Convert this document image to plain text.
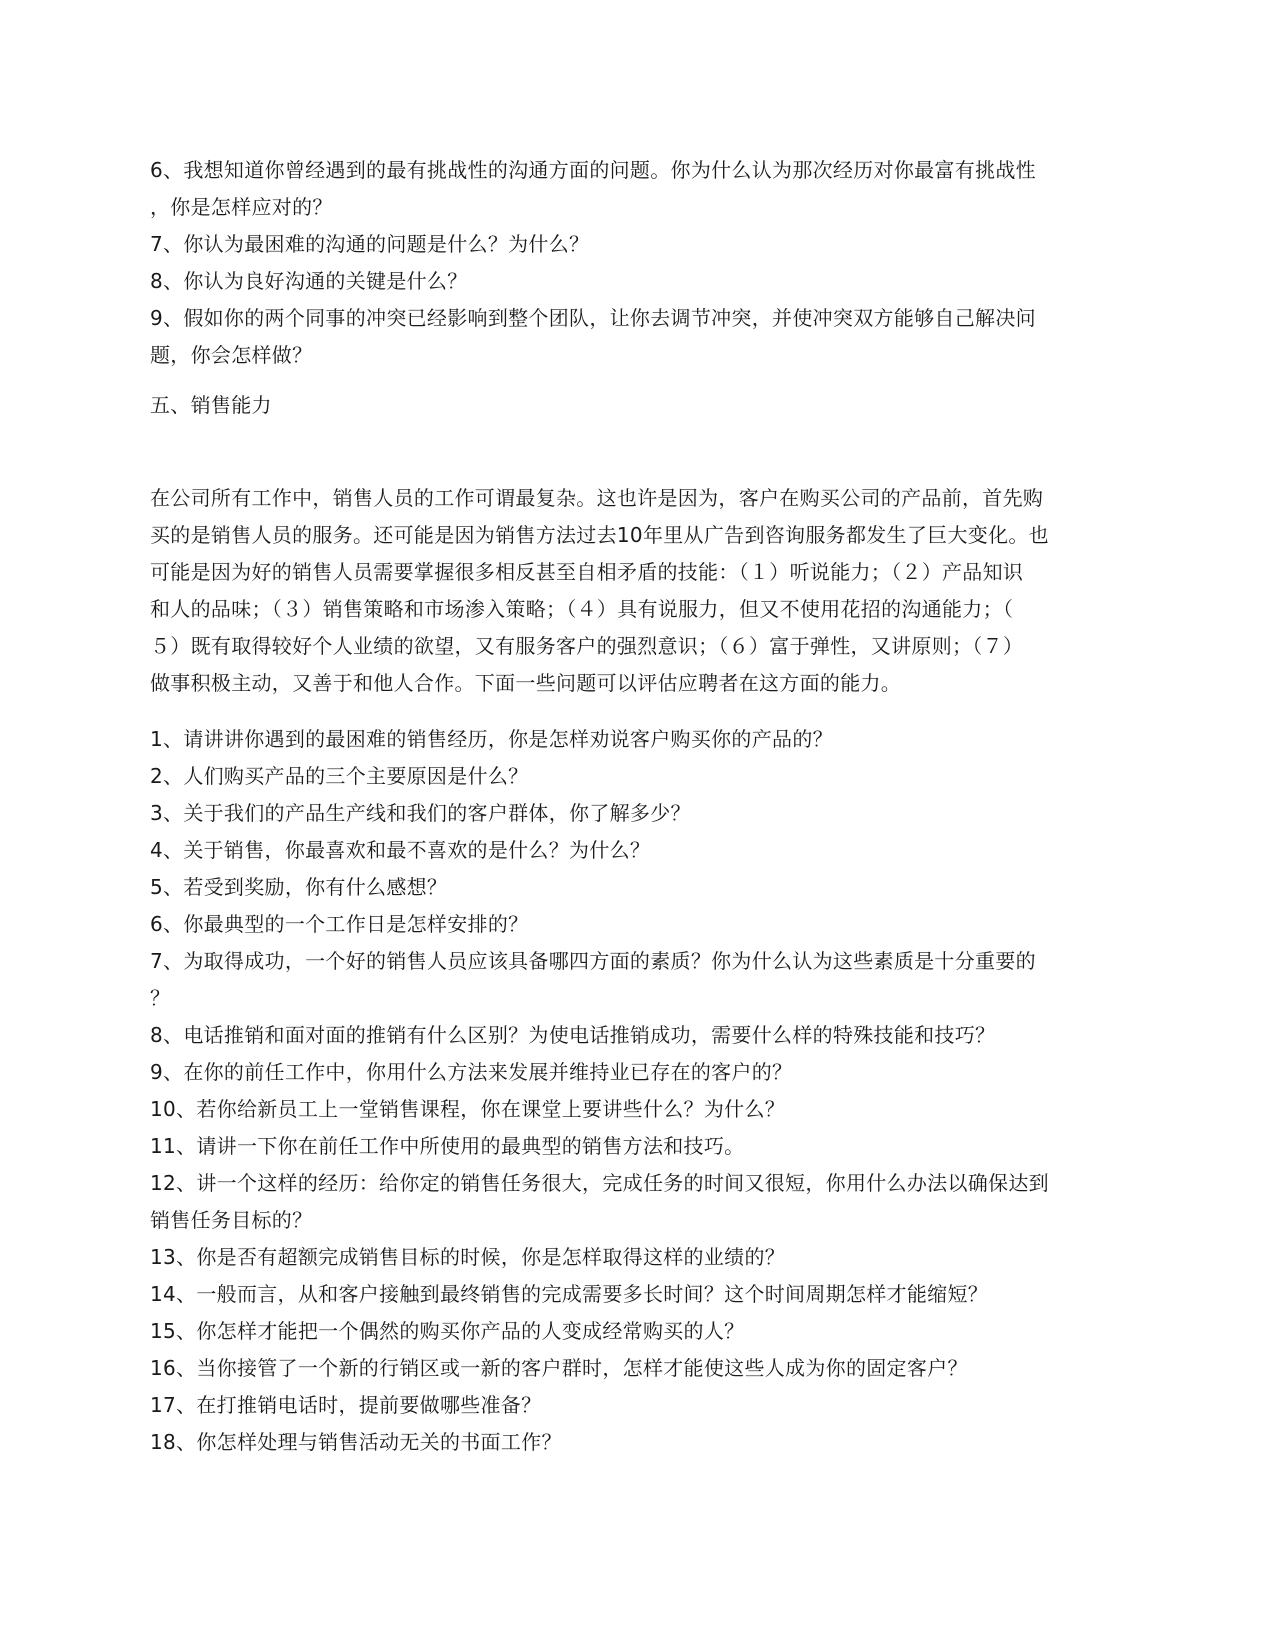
6、我想知道你曾经遇到的最有挑战性的沟通方面的问题。你为什么认为那次经历对你最富有挑战性
，你是怎样应对的？
7、你认为最困难的沟通的问题是什么？为什么？
8、你认为良好沟通的关键是什么？
9、假如你的两个同事的冲突已经影响到整个团队，让你去调节冲突，并使冲突双方能够自己解决问
题，你会怎样做？
五、销售能力
在公司所有工作中，销售人员的工作可谓最复杂。这也许是因为，客户在购买公司的产品前，首先购
买的是销售人员的服务。还可能是因为销售方法过去10年里从广告到咨询服务都发生了巨大变化。也
可能是因为好的销售人员需要掌握很多相反甚至自相矛盾的技能：（１）听说能力；（２）产品知识
和人的品味；（３）销售策略和市场渗入策略；（４）具有说服力，但又不使用花招的沟通能力；（
５）既有取得较好个人业绩的欲望，又有服务客户的强烈意识；（６）富于弹性，又讲原则；（７）
做事积极主动，又善于和他人合作。下面一些问题可以评估应聘者在这方面的能力。
1、请讲讲你遇到的最困难的销售经历，你是怎样劝说客户购买你的产品的？
2、人们购买产品的三个主要原因是什么？
3、关于我们的产品生产线和我们的客户群体，你了解多少？
4、关于销售，你最喜欢和最不喜欢的是什么？为什么？
5、若受到奖励，你有什么感想？
6、你最典型的一个工作日是怎样安排的？
7、为取得成功，一个好的销售人员应该具备哪四方面的素质？你为什么认为这些素质是十分重要的
？
8、电话推销和面对面的推销有什么区别？为使电话推销成功，需要什么样的特殊技能和技巧？
9、在你的前任工作中，你用什么方法来发展并维持业已存在的客户的？
10、若你给新员工上一堂销售课程，你在课堂上要讲些什么？为什么？
11、请讲一下你在前任工作中所使用的最典型的销售方法和技巧。
12、讲一个这样的经历：给你定的销售任务很大，完成任务的时间又很短，你用什么办法以确保达到
销售任务目标的？
13、你是否有超额完成销售目标的时候，你是怎样取得这样的业绩的？
14、一般而言，从和客户接触到最终销售的完成需要多长时间？这个时间周期怎样才能缩短？
15、你怎样才能把一个偶然的购买你产品的人变成经常购买的人？
16、当你接管了一个新的行销区或一新的客户群时，怎样才能使这些人成为你的固定客户？
17、在打推销电话时，提前要做哪些准备？
18、你怎样处理与销售活动无关的书面工作？
